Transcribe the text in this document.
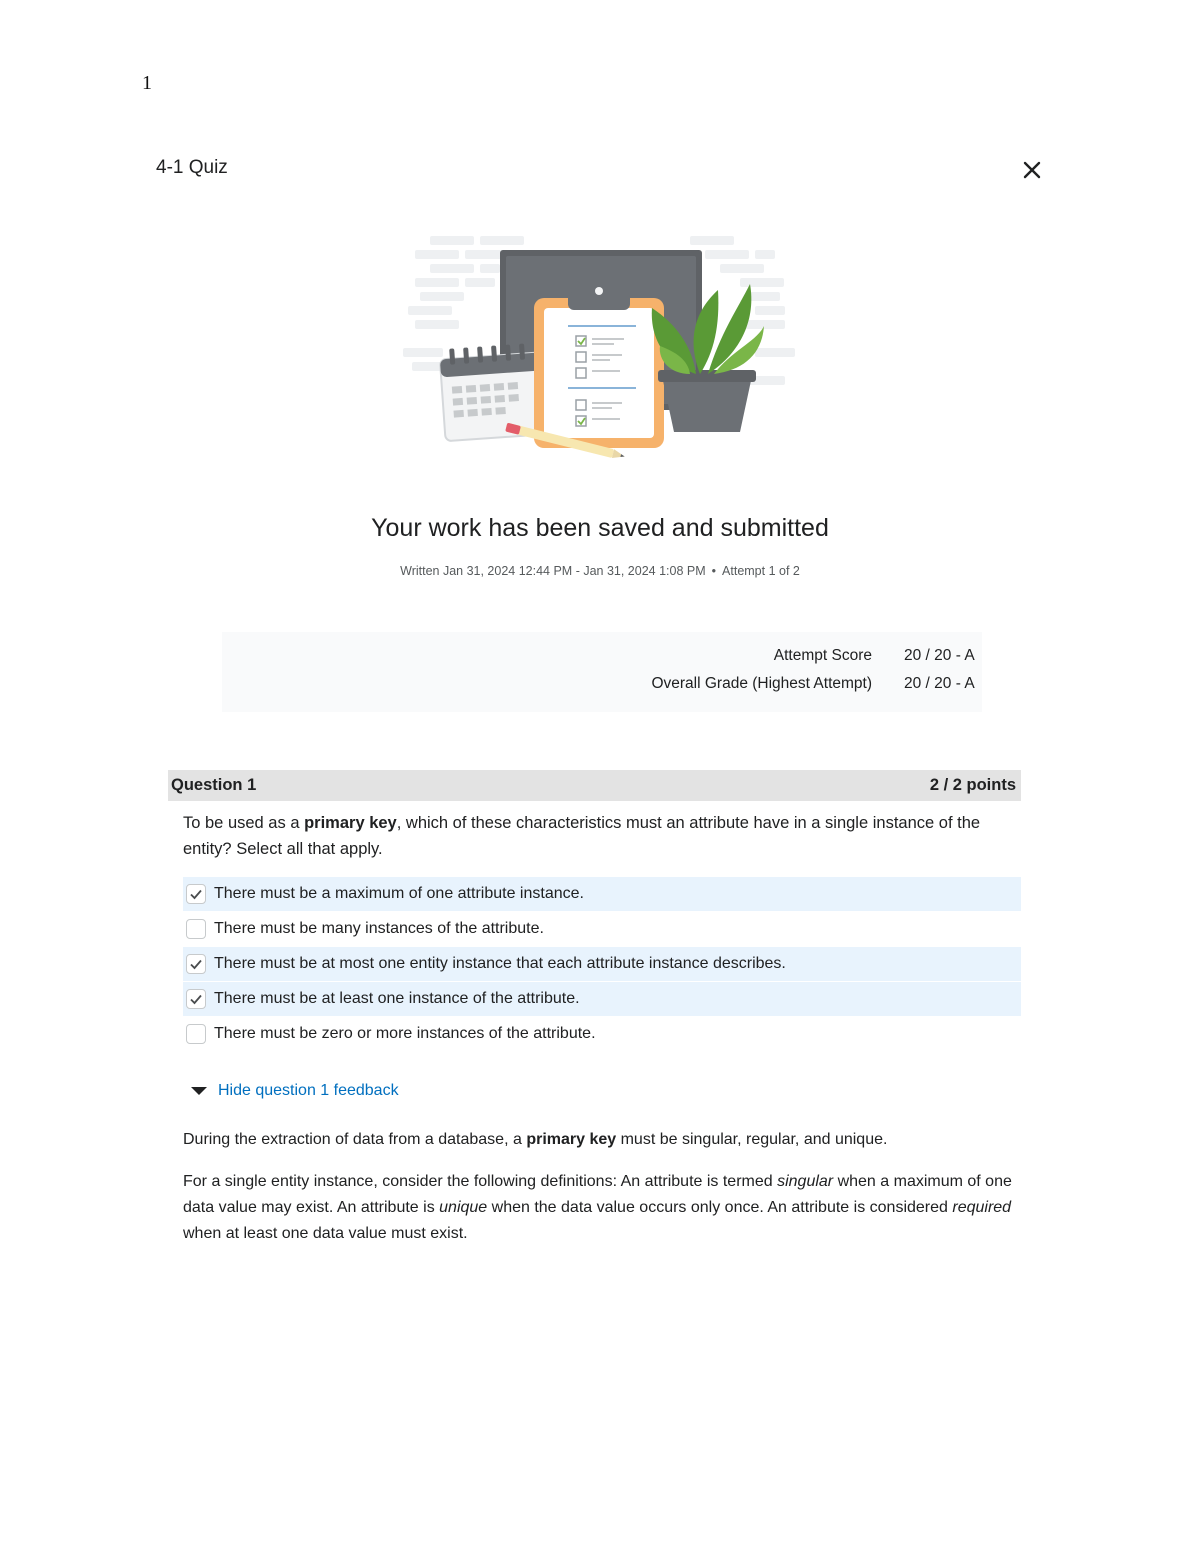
1
4-1 Quiz
Your work has been saved and submitted
Written Jan 31, 2024 12:44 PM - Jan 31, 2024 1:08 PM • Attempt 1 of 2
Attempt Score 20 / 20 - A
Overall Grade (Highest Attempt) 20 / 20 - A
Question 1	2 / 2 points
To be used as a primary key, which of these characteristics must an attribute have in a single instance of the entity? Select all that apply.
There must be a maximum of one attribute instance.
There must be many instances of the attribute.
There must be at most one entity instance that each attribute instance describes.
There must be at least one instance of the attribute.
There must be zero or more instances of the attribute.
Hide question 1 feedback
During the extraction of data from a database, a primary key must be singular, regular, and unique.
For a single entity instance, consider the following definitions: An attribute is termed singular when a maximum of one data value may exist. An attribute is unique when the data value occurs only once. An attribute is considered required when at least one data value must exist.
